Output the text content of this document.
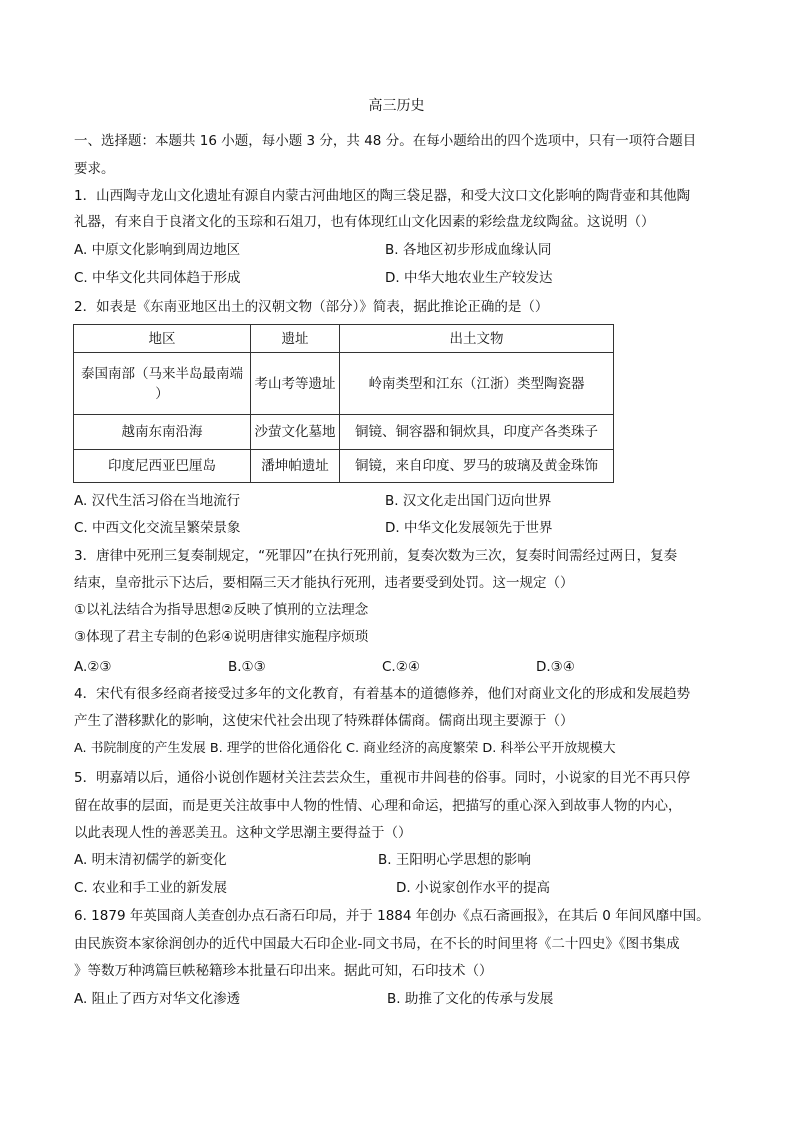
高三历史
一、选择题：本题共 16 小题，每小题 3 分，共 48 分。在每小题给出的四个选项中，只有一项符合题目
要求。
1．山西陶寺龙山文化遗址有源自内蒙古河曲地区的陶三袋足器，和受大汶口文化影响的陶背壶和其他陶
礼器，有来自于良渚文化的玉琮和石俎刀，也有体现红山文化因素的彩绘盘龙纹陶盆。这说明（）
A. 中原文化影响到周边地区	B. 各地区初步形成血缘认同
C. 中华文化共同体趋于形成	D. 中华大地农业生产较发达
2．如表是《东南亚地区出土的汉朝文物（部分）》简表，据此推论正确的是（）
地区	遗址	出土文物

泰国南部（马来半岛最南端
）	考山考等遗址	岭南类型和江东（江浙）类型陶瓷器
越南东南沿海	沙萤文化墓地	铜镜、铜容器和铜炊具，印度产各类珠子
印度尼西亚巴厘岛	潘坤帕遗址	铜镜，来自印度、罗马的玻璃及黄金珠饰
A. 汉代生活习俗在当地流行	B. 汉文化走出国门迈向世界
C. 中西文化交流呈繁荣景象	D. 中华文化发展领先于世界
3．唐律中死刑三复奏制规定，“死罪囚”在执行死刑前，复奏次数为三次，复奏时间需经过两日，复奏
结束，皇帝批示下达后，要相隔三天才能执行死刑，违者要受到处罚。这一规定（）
①以礼法结合为指导思想②反映了慎刑的立法理念
③体现了君主专制的色彩④说明唐律实施程序烦琐
A.②③	B.①③	C.②④	D.③④
4．宋代有很多经商者接受过多年的文化教育，有着基本的道德修养，他们对商业文化的形成和发展趋势
产生了潜移默化的影响，这使宋代社会出现了特殊群体儒商。儒商出现主要源于（）
A. 书院制度的产生发展 B. 理学的世俗化通俗化 C. 商业经济的高度繁荣 D. 科举公平开放规模大
5．明嘉靖以后，通俗小说创作题材关注芸芸众生，重视市井闾巷的俗事。同时，小说家的目光不再只停
留在故事的层面，而是更关注故事中人物的性情、心理和命运，把描写的重心深入到故事人物的内心，
以此表现人性的善恶美丑。这种文学思潮主要得益于（）
A. 明末清初儒学的新变化	B. 王阳明心学思想的影响
C. 农业和手工业的新发展	D. 小说家创作水平的提高
6. 1879 年英国商人美查创办点石斋石印局，并于 1884 年创办《点石斋画报》，在其后 0 年间风靡中国。
由民族资本家徐润创办的近代中国最大石印企业-同文书局，在不长的时间里将《二十四史》《图书集成
》等数万种鸿篇巨帙秘籍珍本批量石印出来。据此可知，石印技术（）
A. 阻止了西方对华文化渗透	B. 助推了文化的传承与发展
